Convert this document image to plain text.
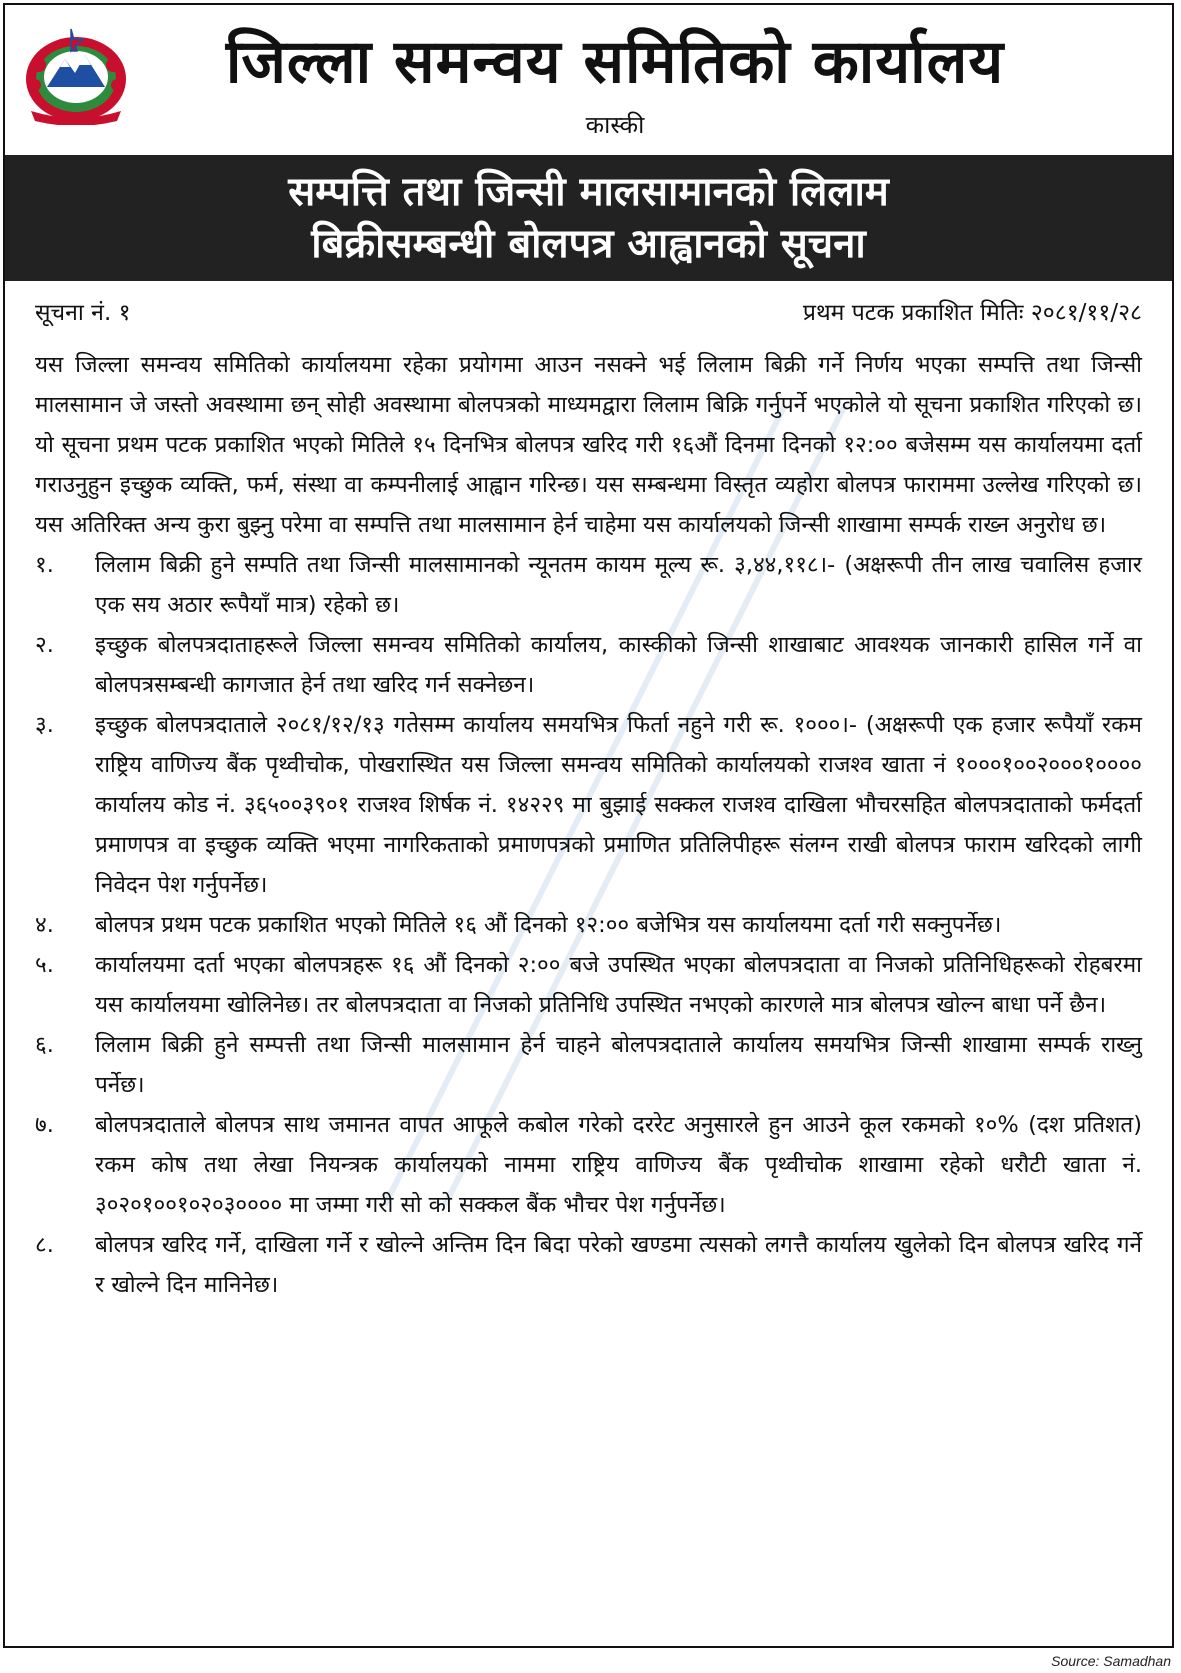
जिल्ला समन्वय समितिको कार्यालय
कास्की
सम्पत्ति तथा जिन्सी मालसामानको लिलाम
बिक्रीसम्बन्धी बोलपत्र आह्वानको सूचना
सूचना नं. १	प्रथम पटक प्रकाशित मितिः २०८१/११/२८

यस जिल्ला समन्वय समितिको कार्यालयमा रहेका प्रयोगमा आउन नसक्ने भई लिलाम बिक्री गर्ने निर्णय भएका सम्पत्ति तथा जिन्सी मालसामान जे जस्तो अवस्थामा छन् सोही अवस्थामा बोलपत्रको माध्यमद्वारा लिलाम बिक्रि गर्नुपर्ने भएकोले यो सूचना प्रकाशित गरिएको छ। यो सूचना प्रथम पटक प्रकाशित भएको मितिले १५ दिनभित्र बोलपत्र खरिद गरी १६औं दिनमा दिनको १२:०० बजेसम्म यस कार्यालयमा दर्ता गराउनुहुन इच्छुक व्यक्ति, फर्म, संस्था वा कम्पनीलाई आह्वान गरिन्छ। यस सम्बन्धमा विस्तृत व्यहोरा बोलपत्र फाराममा उल्लेख गरिएको छ। यस अतिरिक्त अन्य कुरा बुझ्नु परेमा वा सम्पत्ति तथा मालसामान हेर्न चाहेमा यस कार्यालयको जिन्सी शाखामा सम्पर्क राख्न अनुरोध छ।

१.	लिलाम बिक्री हुने सम्पति तथा जिन्सी मालसामानको न्यूनतम कायम मूल्य रू. ३,४४,११८।- (अक्षरूपी तीन लाख चवालिस हजार एक सय अठार रूपैयाँ मात्र) रहेको छ।
२.	इच्छुक बोलपत्रदाताहरूले जिल्ला समन्वय समितिको कार्यालय, कास्कीको जिन्सी शाखाबाट आवश्यक जानकारी हासिल गर्ने वा बोलपत्रसम्बन्धी कागजात हेर्न तथा खरिद गर्न सक्नेछन।
३.	इच्छुक बोलपत्रदाताले २०८१/१२/१३ गतेसम्म कार्यालय समयभित्र फिर्ता नहुने गरी रू. १०००।- (अक्षरूपी एक हजार रूपैयाँ रकम राष्ट्रिय वाणिज्य बैंक पृथ्वीचोक, पोखरास्थित यस जिल्ला समन्वय समितिको कार्यालयको राजश्व खाता नं १०००१००२०००१०००० कार्यालय कोड नं. ३६५००३९०१ राजश्व शिर्षक नं. १४२२९ मा बुझाई सक्कल राजश्व दाखिला भौचरसहित बोलपत्रदाताको फर्मदर्ता प्रमाणपत्र वा इच्छुक व्यक्ति भएमा नागरिकताको प्रमाणपत्रको प्रमाणित प्रतिलिपीहरू संलग्न राखी बोलपत्र फाराम खरिदको लागी निवेदन पेश गर्नुपर्नेछ।
४.	बोलपत्र प्रथम पटक प्रकाशित भएको मितिले १६ औं दिनको १२:०० बजेभित्र यस कार्यालयमा दर्ता गरी सक्नुपर्नेछ।
५.	कार्यालयमा दर्ता भएका बोलपत्रहरू १६ औं दिनको २:०० बजे उपस्थित भएका बोलपत्रदाता वा निजको प्रतिनिधिहरूको रोहबरमा यस कार्यालयमा खोलिनेछ। तर बोलपत्रदाता वा निजको प्रतिनिधि उपस्थित नभएको कारणले मात्र बोलपत्र खोल्न बाधा पर्ने छैन।
६.	लिलाम बिक्री हुने सम्पत्ती तथा जिन्सी मालसामान हेर्न चाहने बोलपत्रदाताले कार्यालय समयभित्र जिन्सी शाखामा सम्पर्क राख्नु पर्नेछ।
७.	बोलपत्रदाताले बोलपत्र साथ जमानत वापत आफूले कबोल गरेको दररेट अनुसारले हुन आउने कूल रकमको १०% (दश प्रतिशत) रकम कोष तथा लेखा नियन्त्रक कार्यालयको नाममा राष्ट्रिय वाणिज्य बैंक पृथ्वीचोक शाखामा रहेको धरौटी खाता नं. ३०२०१००१०२०३०००० मा जम्मा गरी सो को सक्कल बैंक भौचर पेश गर्नुपर्नेछ।
८.	बोलपत्र खरिद गर्ने, दाखिला गर्ने र खोल्ने अन्तिम दिन बिदा परेको खण्डमा त्यसको लगत्तै कार्यालय खुलेको दिन बोलपत्र खरिद गर्ने र खोल्ने दिन मानिनेछ।
Source: Samadhan
